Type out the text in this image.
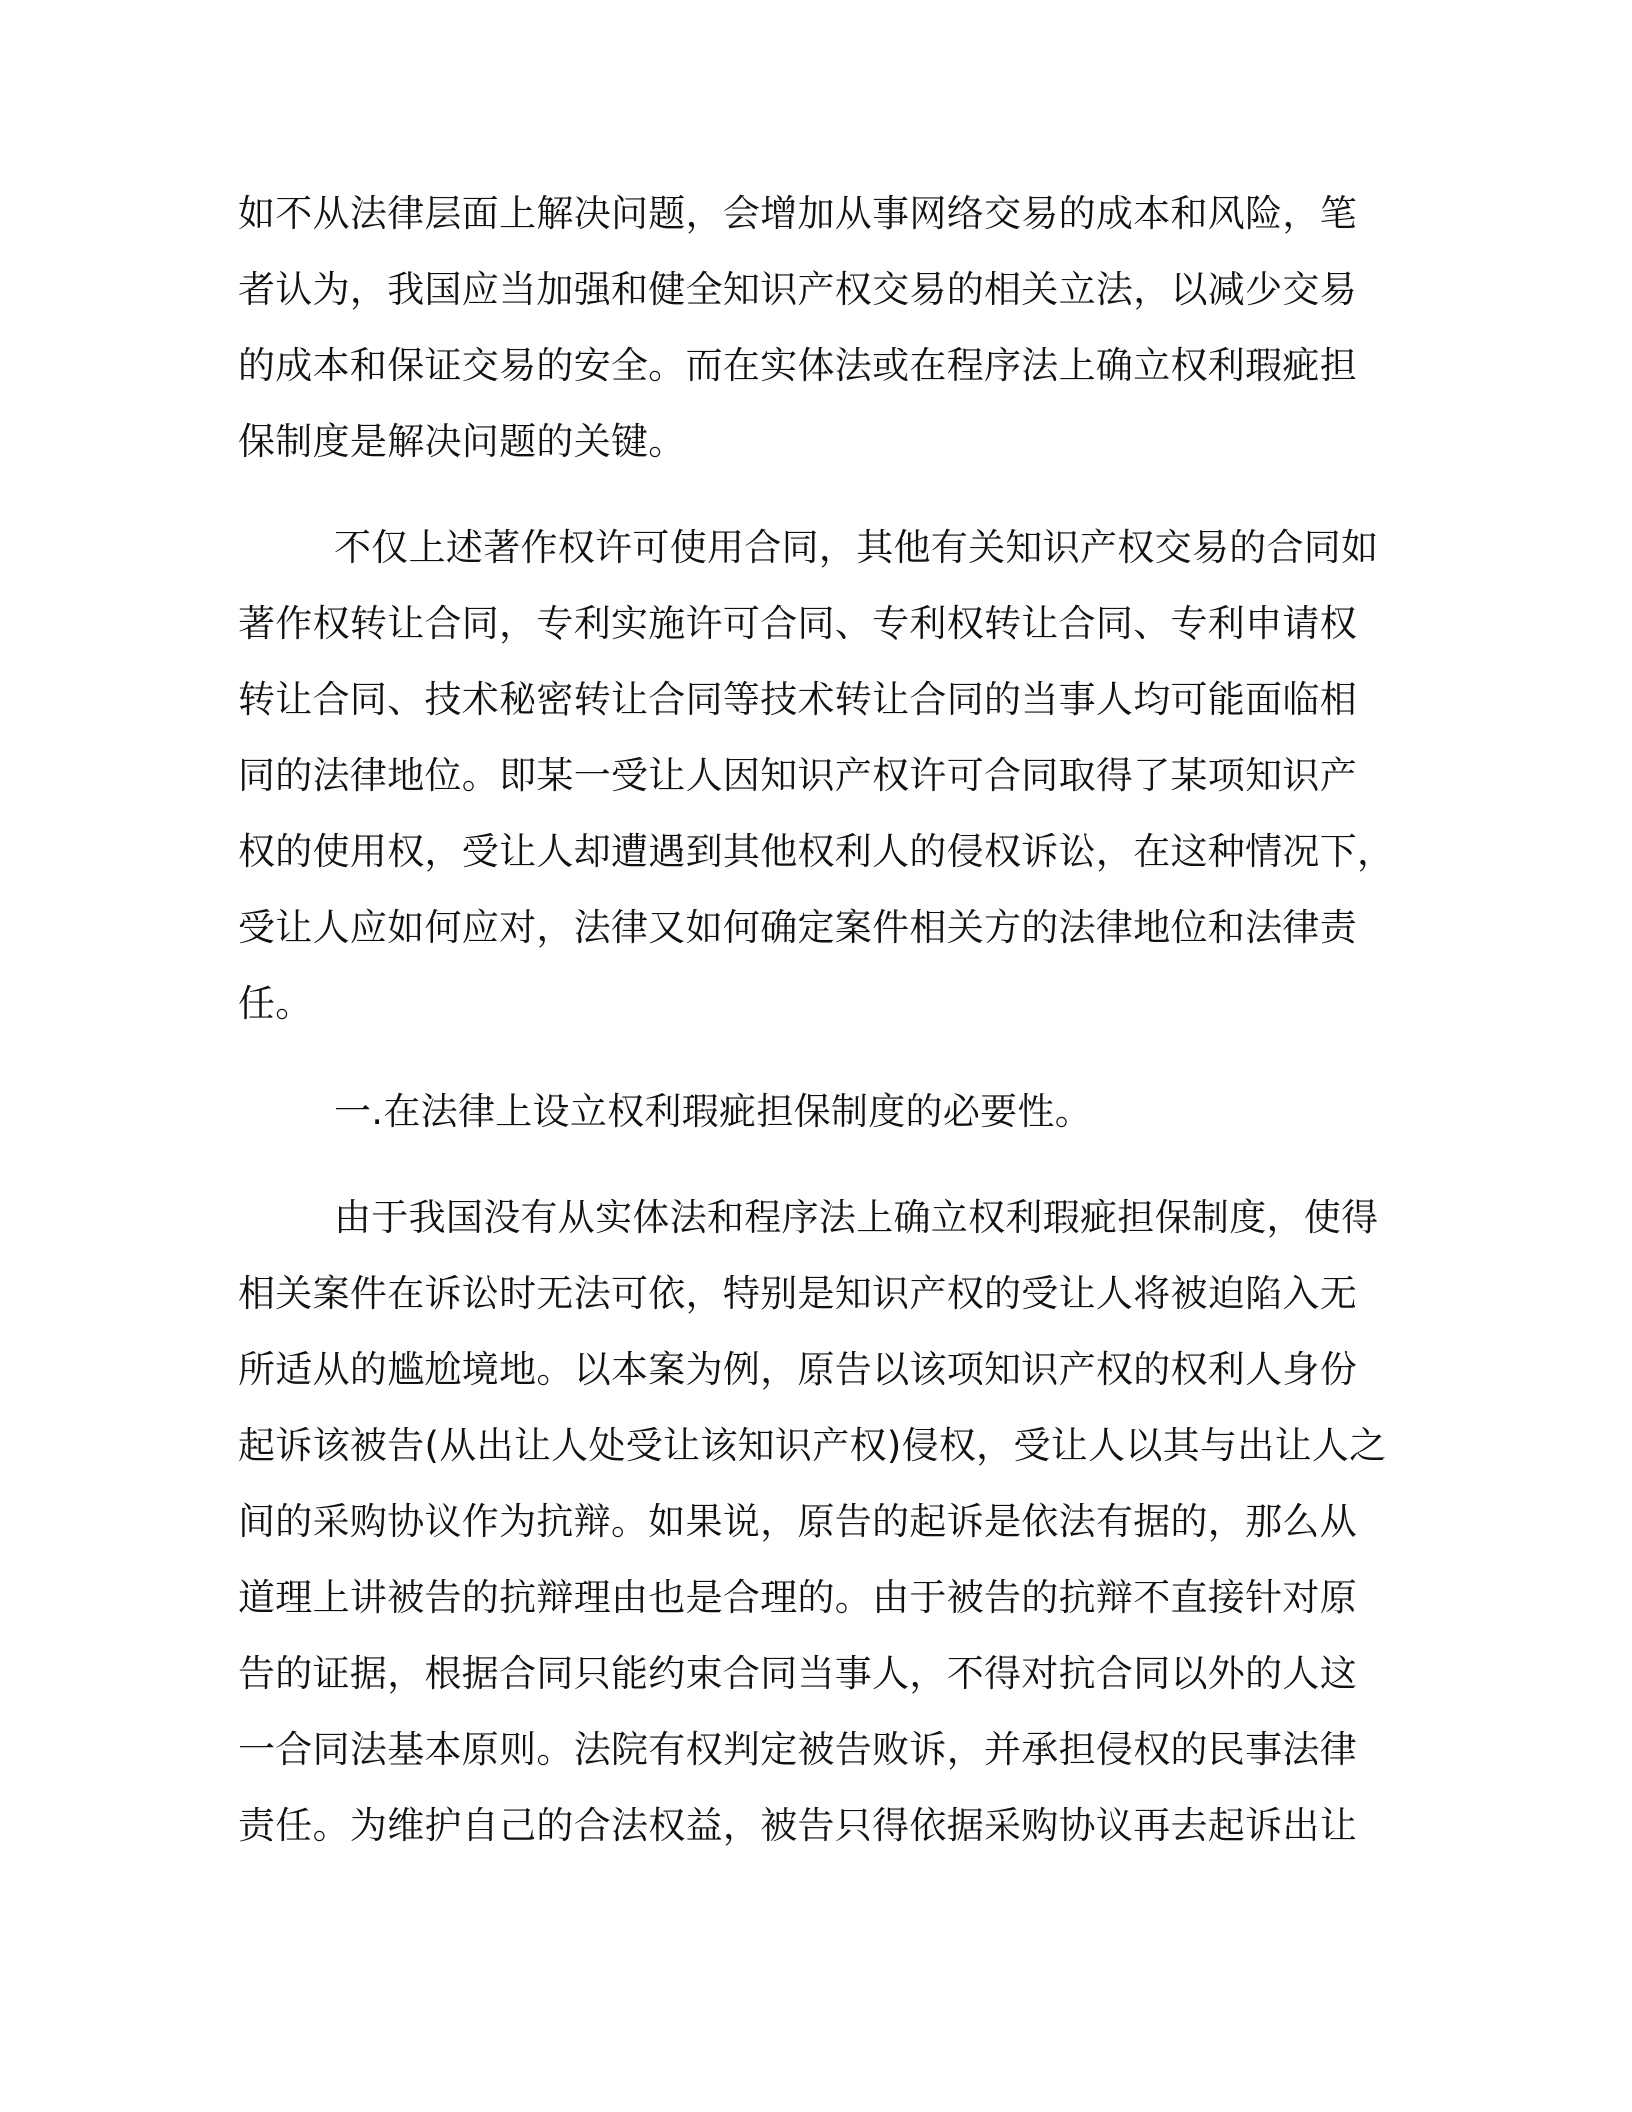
如不从法律层面上解决问题，会增加从事网络交易的成本和风险，笔
者认为，我国应当加强和健全知识产权交易的相关立法，以减少交易
的成本和保证交易的安全。而在实体法或在程序法上确立权利瑕疵担
保制度是解决问题的关键。
不仅上述著作权许可使用合同，其他有关知识产权交易的合同如
著作权转让合同，专利实施许可合同、专利权转让合同、专利申请权
转让合同、技术秘密转让合同等技术转让合同的当事人均可能面临相
同的法律地位。即某一受让人因知识产权许可合同取得了某项知识产
权的使用权，受让人却遭遇到其他权利人的侵权诉讼，在这种情况下，
受让人应如何应对，法律又如何确定案件相关方的法律地位和法律责
任。
一.在法律上设立权利瑕疵担保制度的必要性。
由于我国没有从实体法和程序法上确立权利瑕疵担保制度，使得
相关案件在诉讼时无法可依，特别是知识产权的受让人将被迫陷入无
所适从的尴尬境地。以本案为例，原告以该项知识产权的权利人身份
起诉该被告(从出让人处受让该知识产权)侵权，受让人以其与出让人之
间的采购协议作为抗辩。如果说，原告的起诉是依法有据的，那么从
道理上讲被告的抗辩理由也是合理的。由于被告的抗辩不直接针对原
告的证据，根据合同只能约束合同当事人，不得对抗合同以外的人这
一合同法基本原则。法院有权判定被告败诉，并承担侵权的民事法律
责任。为维护自己的合法权益，被告只得依据采购协议再去起诉出让
